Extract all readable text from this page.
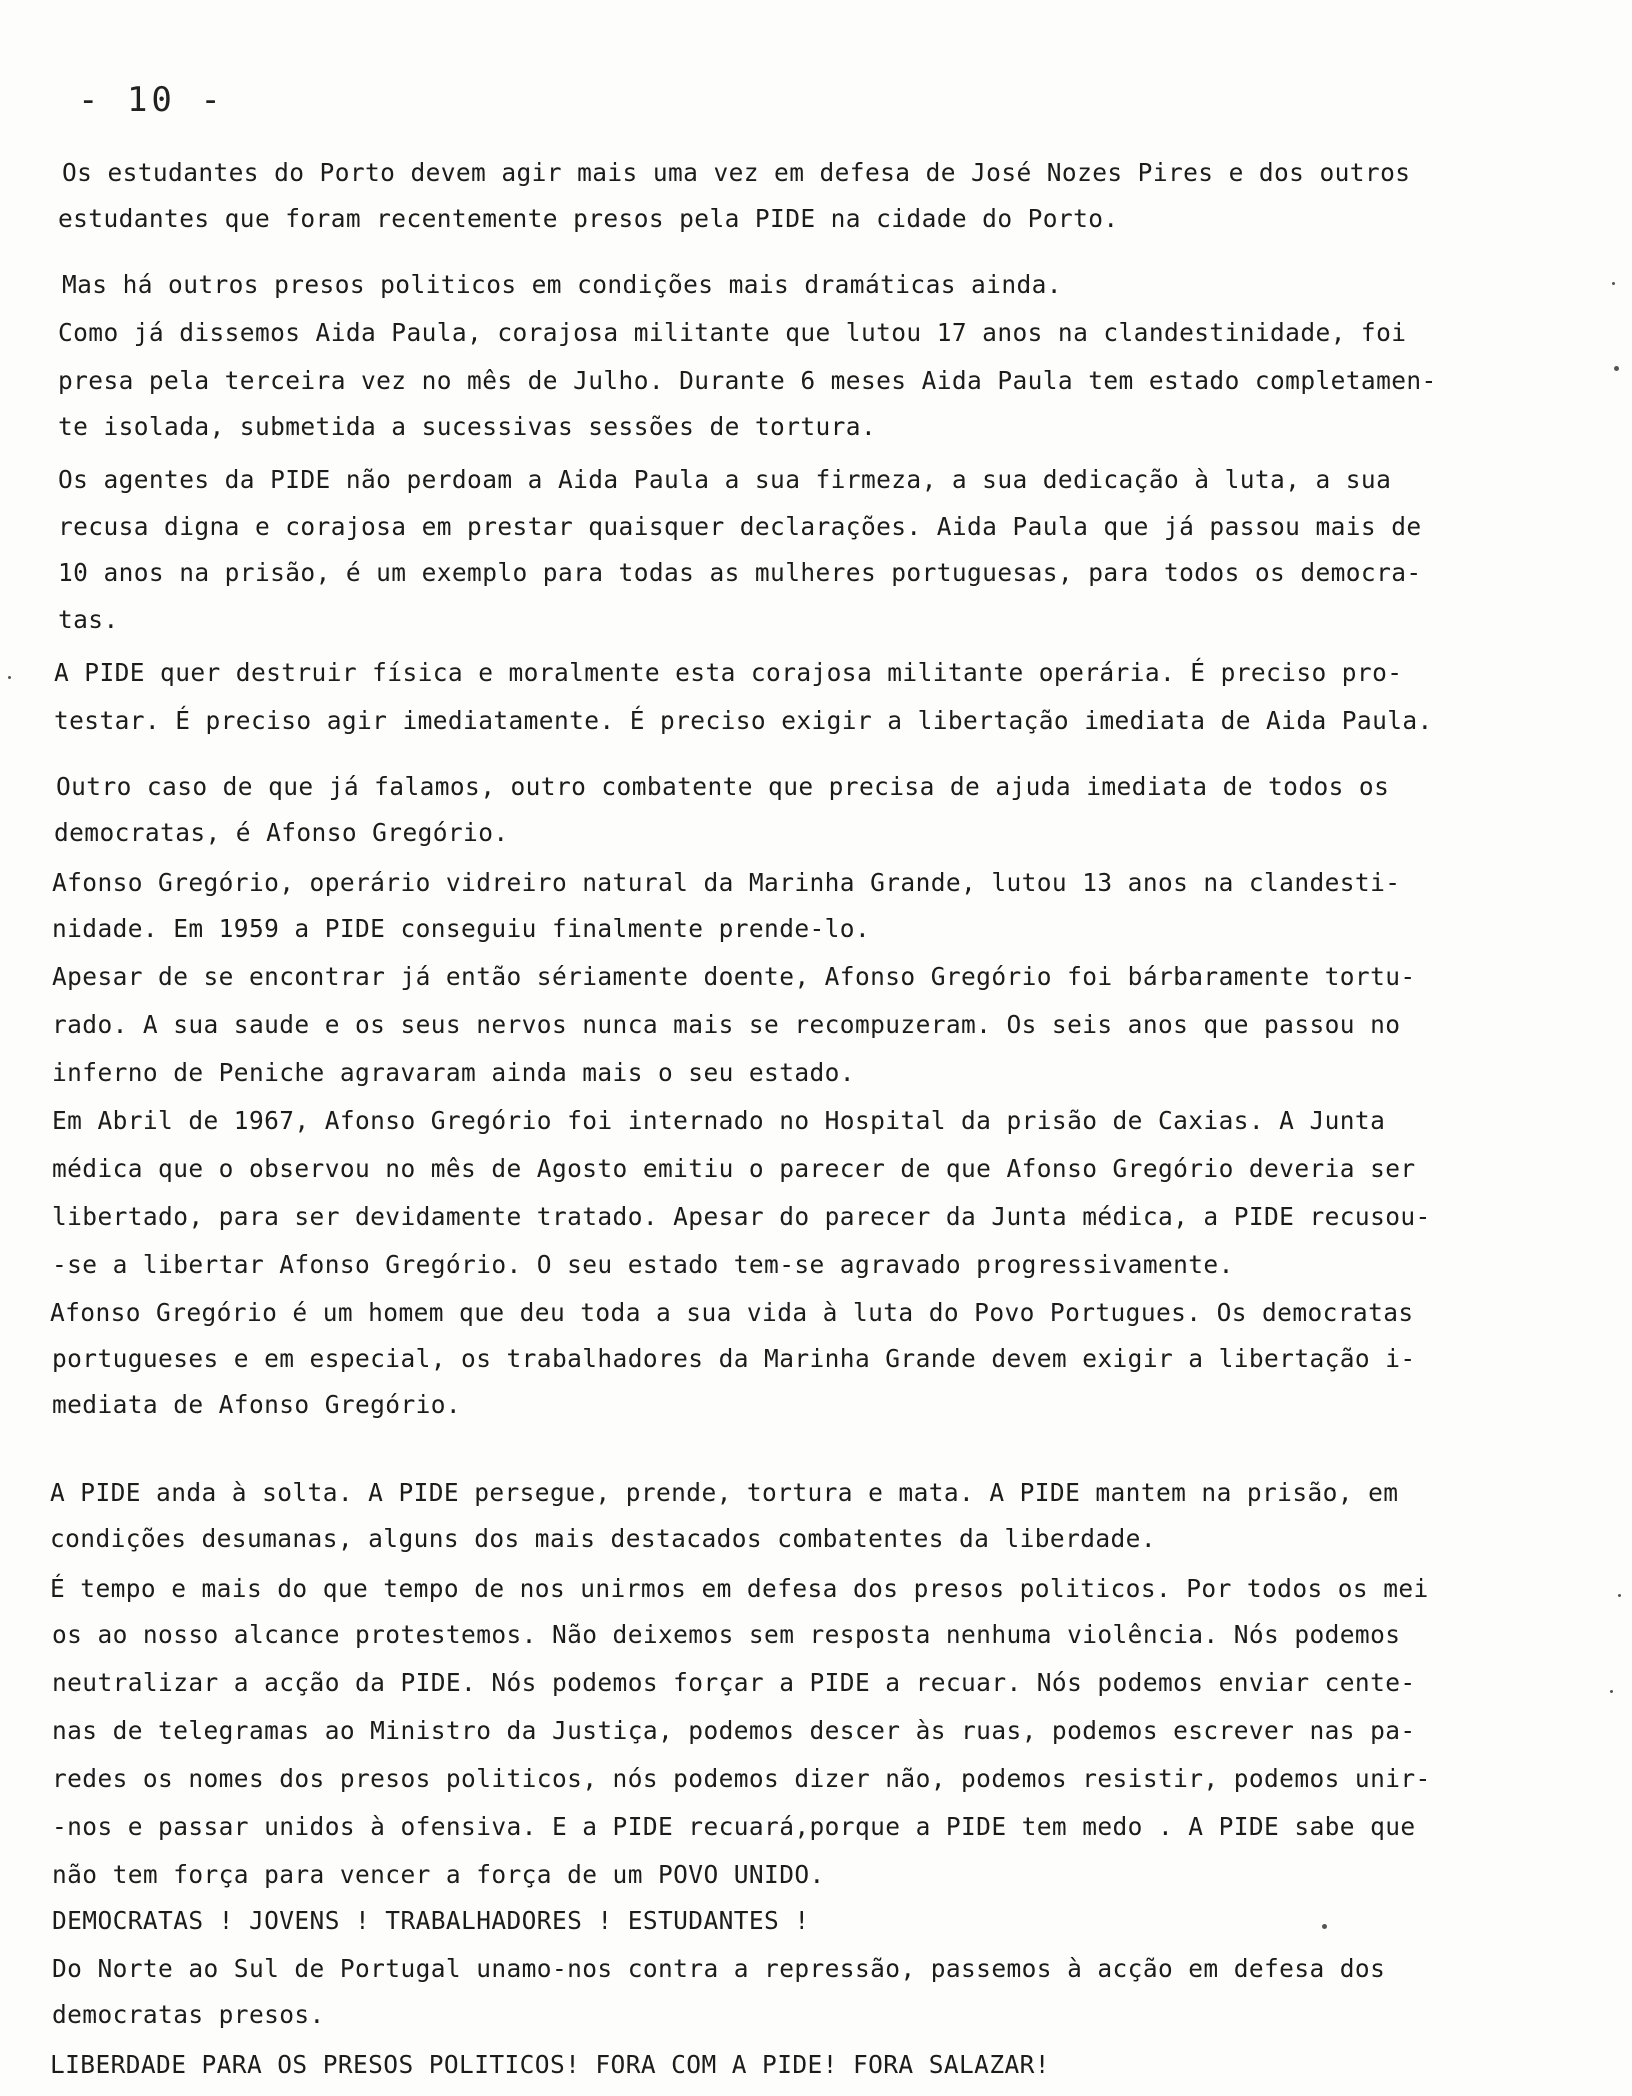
- 10 -
Os estudantes do Porto devem agir mais uma vez em defesa de José Nozes Pires e dos outros
estudantes que foram recentemente presos pela PIDE na cidade do Porto.
Mas há outros presos politicos em condições mais dramáticas ainda.
Como já dissemos Aida Paula, corajosa militante que lutou 17 anos na clandestinidade, foi
presa pela terceira vez no mês de Julho. Durante 6 meses Aida Paula tem estado completamen-
te isolada, submetida a sucessivas sessões de tortura.
Os agentes da PIDE não perdoam a Aida Paula a sua firmeza, a sua dedicação à luta, a sua
recusa digna e corajosa em prestar quaisquer declarações. Aida Paula que já passou mais de
10 anos na prisão, é um exemplo para todas as mulheres portuguesas, para todos os democra-
tas.
A PIDE quer destruir física e moralmente esta corajosa militante operária. É preciso pro-
testar. É preciso agir imediatamente. É preciso exigir a libertação imediata de Aida Paula.
Outro caso de que já falamos, outro combatente que precisa de ajuda imediata de todos os
democratas, é Afonso Gregório.
Afonso Gregório, operário vidreiro natural da Marinha Grande, lutou 13 anos na clandesti-
nidade. Em 1959 a PIDE conseguiu finalmente prende-lo.
Apesar de se encontrar já então sériamente doente, Afonso Gregório foi bárbaramente tortu-
rado. A sua saude e os seus nervos nunca mais se recompuzeram. Os seis anos que passou no
inferno de Peniche agravaram ainda mais o seu estado.
Em Abril de 1967, Afonso Gregório foi internado no Hospital da prisão de Caxias. A Junta
médica que o observou no mês de Agosto emitiu o parecer de que Afonso Gregório deveria ser
libertado, para ser devidamente tratado. Apesar do parecer da Junta médica, a PIDE recusou-
-se a libertar Afonso Gregório. O seu estado tem-se agravado progressivamente.
Afonso Gregório é um homem que deu toda a sua vida à luta do Povo Portugues. Os democratas
portugueses e em especial, os trabalhadores da Marinha Grande devem exigir a libertação i-
mediata de Afonso Gregório.
A PIDE anda à solta. A PIDE persegue, prende, tortura e mata. A PIDE mantem na prisão, em
condições desumanas, alguns dos mais destacados combatentes da liberdade.
É tempo e mais do que tempo de nos unirmos em defesa dos presos politicos. Por todos os mei
os ao nosso alcance protestemos. Não deixemos sem resposta nenhuma violência. Nós podemos
neutralizar a acção da PIDE. Nós podemos forçar a PIDE a recuar. Nós podemos enviar cente-
nas de telegramas ao Ministro da Justiça, podemos descer às ruas, podemos escrever nas pa-
redes os nomes dos presos politicos, nós podemos dizer não, podemos resistir, podemos unir-
-nos e passar unidos à ofensiva. E a PIDE recuará,porque a PIDE tem medo . A PIDE sabe que
não tem força para vencer a força de um POVO UNIDO.
DEMOCRATAS ! JOVENS ! TRABALHADORES ! ESTUDANTES !
Do Norte ao Sul de Portugal unamo-nos contra a repressão, passemos à acção em defesa dos
democratas presos.
LIBERDADE PARA OS PRESOS POLITICOS! FORA COM A PIDE! FORA SALAZAR!
